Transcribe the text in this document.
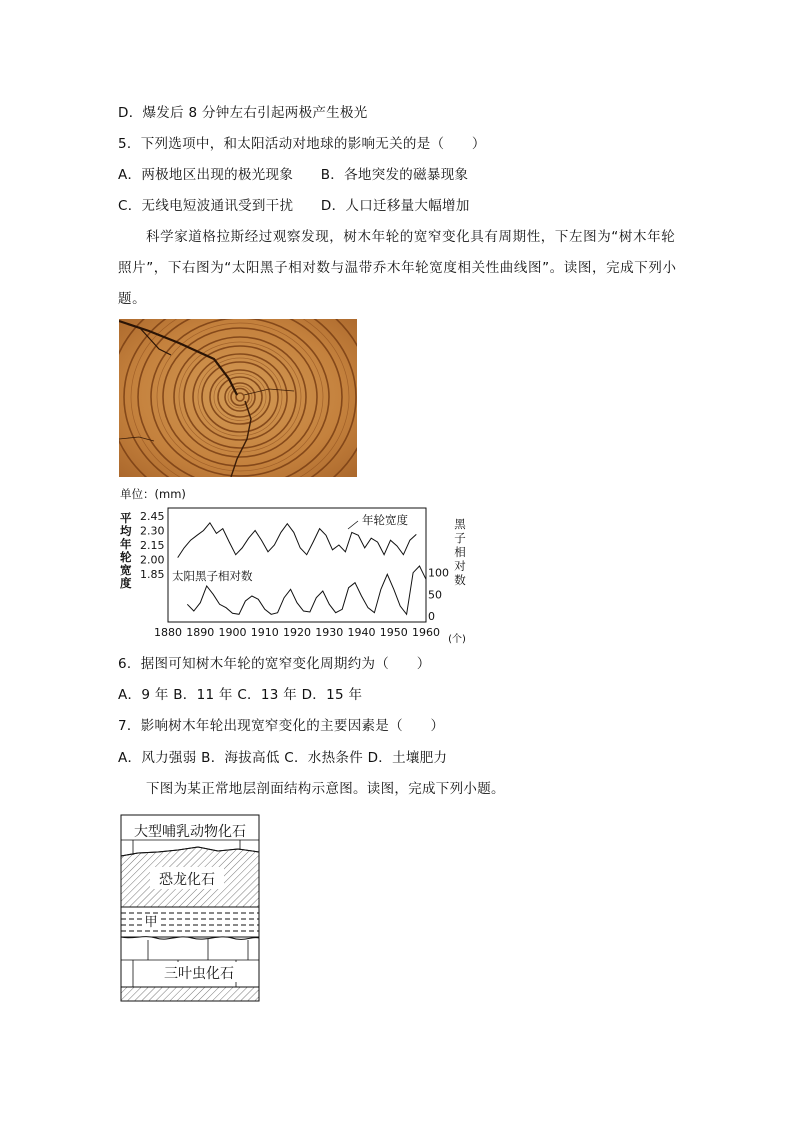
D．爆发后 8 分钟左右引起两极产生极光
5．下列选项中，和太阳活动对地球的影响无关的是（　　）
A．两极地区出现的极光现象　　B．各地突发的磁暴现象
C．无线电短波通讯受到干扰　　D．人口迁移量大幅增加
科学家道格拉斯经过观察发现，树木年轮的宽窄变化具有周期性，下左图为“树木年轮照片”，下右图为“太阳黑子相对数与温带乔木年轮宽度相关性曲线图”。读图，完成下列小题。
单位：(mm)
平均年轮宽度
黑子相对数(个)
2.45
2.30
2.15
2.00
1.85	100
50
0
1880 1890 1900 1910 1920 1930 1940 1950 1960
年轮宽度
太阳黑子相对数
6．据图可知树木年轮的宽窄变化周期约为（　　）
A．9 年 B．11 年 C．13 年 D．15 年
7．影响树木年轮出现宽窄变化的主要因素是（　　）
A．风力强弱 B．海拔高低 C．水热条件 D．土壤肥力
下图为某正常地层剖面结构示意图。读图，完成下列小题。
大型哺乳动物化石
恐龙化石
甲
三叶虫化石
